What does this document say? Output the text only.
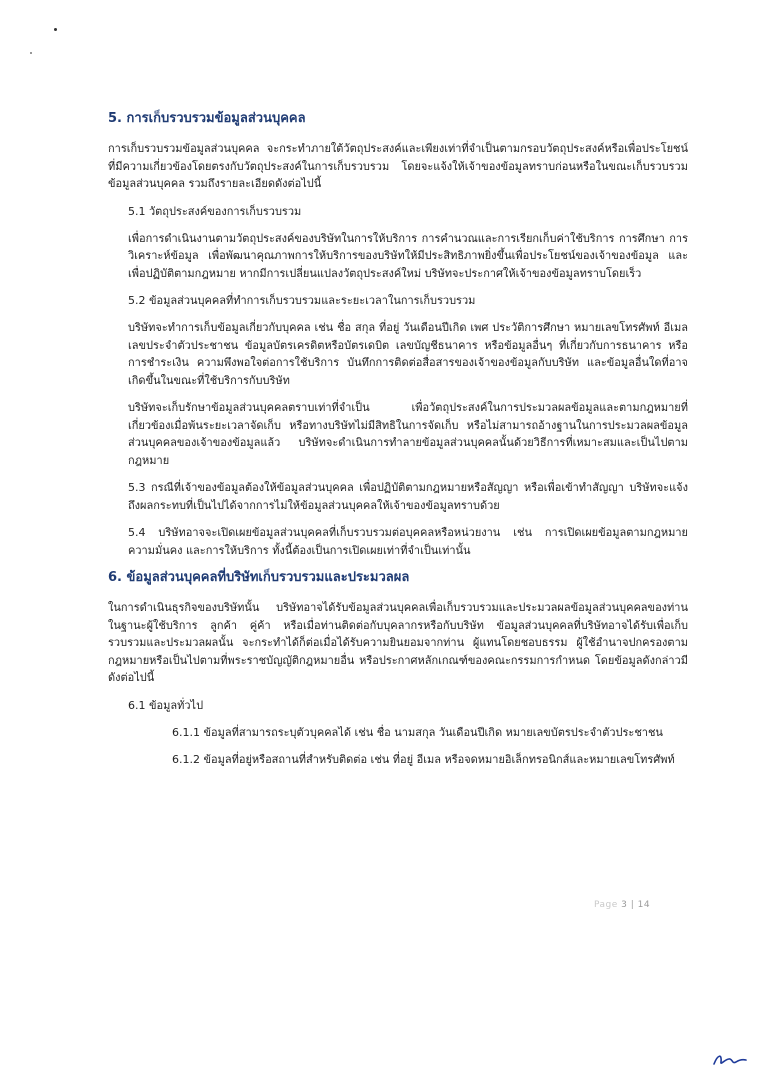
5. การเก็บรวบรวมข้อมูลส่วนบุคคล
การเก็บรวบรวมข้อมูลส่วนบุคคล จะกระทำภายใต้วัตถุประสงค์และเพียงเท่าที่จำเป็นตามกรอบวัตถุประสงค์หรือเพื่อประโยชน์ที่มีความเกี่ยวข้องโดยตรงกับวัตถุประสงค์ในการเก็บรวบรวม โดยจะแจ้งให้เจ้าของข้อมูลทราบก่อนหรือในขณะเก็บรวบรวมข้อมูลส่วนบุคคล รวมถึงรายละเอียดดังต่อไปนี้
5.1 วัตถุประสงค์ของการเก็บรวบรวม
เพื่อการดำเนินงานตามวัตถุประสงค์ของบริษัทในการให้บริการ การคำนวณและการเรียกเก็บค่าใช้บริการ การศึกษา การวิเคราะห์ข้อมูล เพื่อพัฒนาคุณภาพการให้บริการของบริษัทให้มีประสิทธิภาพยิ่งขึ้นเพื่อประโยชน์ของเจ้าของข้อมูล และเพื่อปฏิบัติตามกฎหมาย หากมีการเปลี่ยนแปลงวัตถุประสงค์ใหม่ บริษัทจะประกาศให้เจ้าของข้อมูลทราบโดยเร็ว
5.2 ข้อมูลส่วนบุคคลที่ทำการเก็บรวบรวมและระยะเวลาในการเก็บรวบรวม
บริษัทจะทำการเก็บข้อมูลเกี่ยวกับบุคคล เช่น ชื่อ สกุล ที่อยู่ วันเดือนปีเกิด เพศ ประวัติการศึกษา หมายเลขโทรศัพท์ อีเมล เลขประจำตัวประชาชน ข้อมูลบัตรเครดิตหรือบัตรเดบิต เลขบัญชีธนาคาร หรือข้อมูลอื่นๆ ที่เกี่ยวกับการธนาคาร หรือการชำระเงิน ความพึงพอใจต่อการใช้บริการ บันทึกการติดต่อสื่อสารของเจ้าของข้อมูลกับบริษัท และข้อมูลอื่นใดที่อาจเกิดขึ้นในขณะที่ใช้บริการกับบริษัท
บริษัทจะเก็บรักษาข้อมูลส่วนบุคคลตราบเท่าที่จำเป็น เพื่อวัตถุประสงค์ในการประมวลผลข้อมูลและตามกฎหมายที่เกี่ยวข้องเมื่อพ้นระยะเวลาจัดเก็บ หรือทางบริษัทไม่มีสิทธิในการจัดเก็บ หรือไม่สามารถอ้างฐานในการประมวลผลข้อมูลส่วนบุคคลของเจ้าของข้อมูลแล้ว บริษัทจะดำเนินการทำลายข้อมูลส่วนบุคคลนั้นด้วยวิธีการที่เหมาะสมและเป็นไปตามกฎหมาย
5.3 กรณีที่เจ้าของข้อมูลต้องให้ข้อมูลส่วนบุคคล เพื่อปฏิบัติตามกฎหมายหรือสัญญา หรือเพื่อเข้าทำสัญญา บริษัทจะแจ้งถึงผลกระทบที่เป็นไปได้จากการไม่ให้ข้อมูลส่วนบุคคลให้เจ้าของข้อมูลทราบด้วย
5.4 บริษัทอาจจะเปิดเผยข้อมูลส่วนบุคคลที่เก็บรวบรวมต่อบุคคลหรือหน่วยงาน เช่น การเปิดเผยข้อมูลตามกฎหมาย ความมั่นคง และการให้บริการ ทั้งนี้ต้องเป็นการเปิดเผยเท่าที่จำเป็นเท่านั้น
6. ข้อมูลส่วนบุคคลที่บริษัทเก็บรวบรวมและประมวลผล
ในการดำเนินธุรกิจของบริษัทนั้น บริษัทอาจได้รับข้อมูลส่วนบุคคลเพื่อเก็บรวบรวมและประมวลผลข้อมูลส่วนบุคคลของท่าน ในฐานะผู้ใช้บริการ ลูกค้า คู่ค้า หรือเมื่อท่านติดต่อกับบุคลากรหรือกับบริษัท ข้อมูลส่วนบุคคลที่บริษัทอาจได้รับเพื่อเก็บรวบรวมและประมวลผลนั้น จะกระทำได้ก็ต่อเมื่อได้รับความยินยอมจากท่าน ผู้แทนโดยชอบธรรม ผู้ใช้อำนาจปกครองตามกฎหมายหรือเป็นไปตามที่พระราชบัญญัติกฎหมายอื่น หรือประกาศหลักเกณฑ์ของคณะกรรมการกำหนด โดยข้อมูลดังกล่าวมีดังต่อไปนี้
6.1 ข้อมูลทั่วไป
6.1.1 ข้อมูลที่สามารถระบุตัวบุคคลได้ เช่น ชื่อ นามสกุล วันเดือนปีเกิด หมายเลขบัตรประจำตัวประชาชน
6.1.2 ข้อมูลที่อยู่หรือสถานที่สำหรับติดต่อ เช่น ที่อยู่ อีเมล หรือจดหมายอิเล็กทรอนิกส์และหมายเลขโทรศัพท์
Page 3 | 14
